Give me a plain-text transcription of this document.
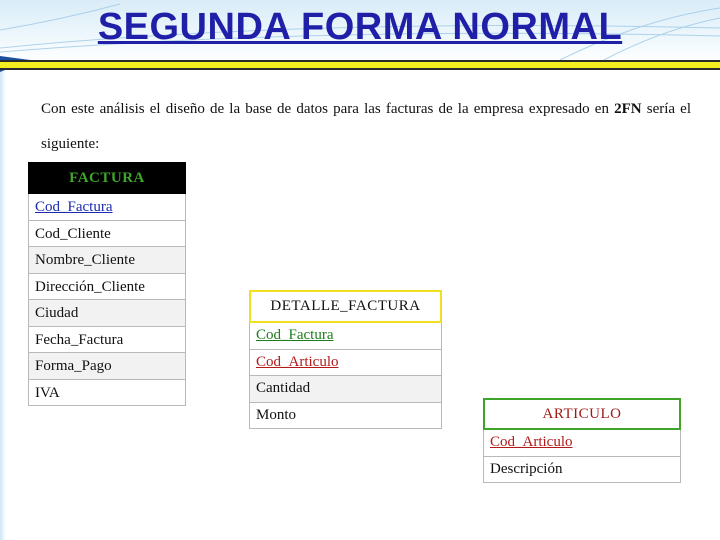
SEGUNDA FORMA NORMAL

Con este análisis el diseño de la base de datos para las facturas de la empresa expresado en 2FN sería el siguiente:

FACTURA
Cod_Factura
Cod_Cliente
Nombre_Cliente
Dirección_Cliente
Ciudad
Fecha_Factura
Forma_Pago
IVA
DETALLE_FACTURA
Cod_Factura
Cod_Articulo
Cantidad
Monto	ARTICULO
Cod_Articulo
Descripción
